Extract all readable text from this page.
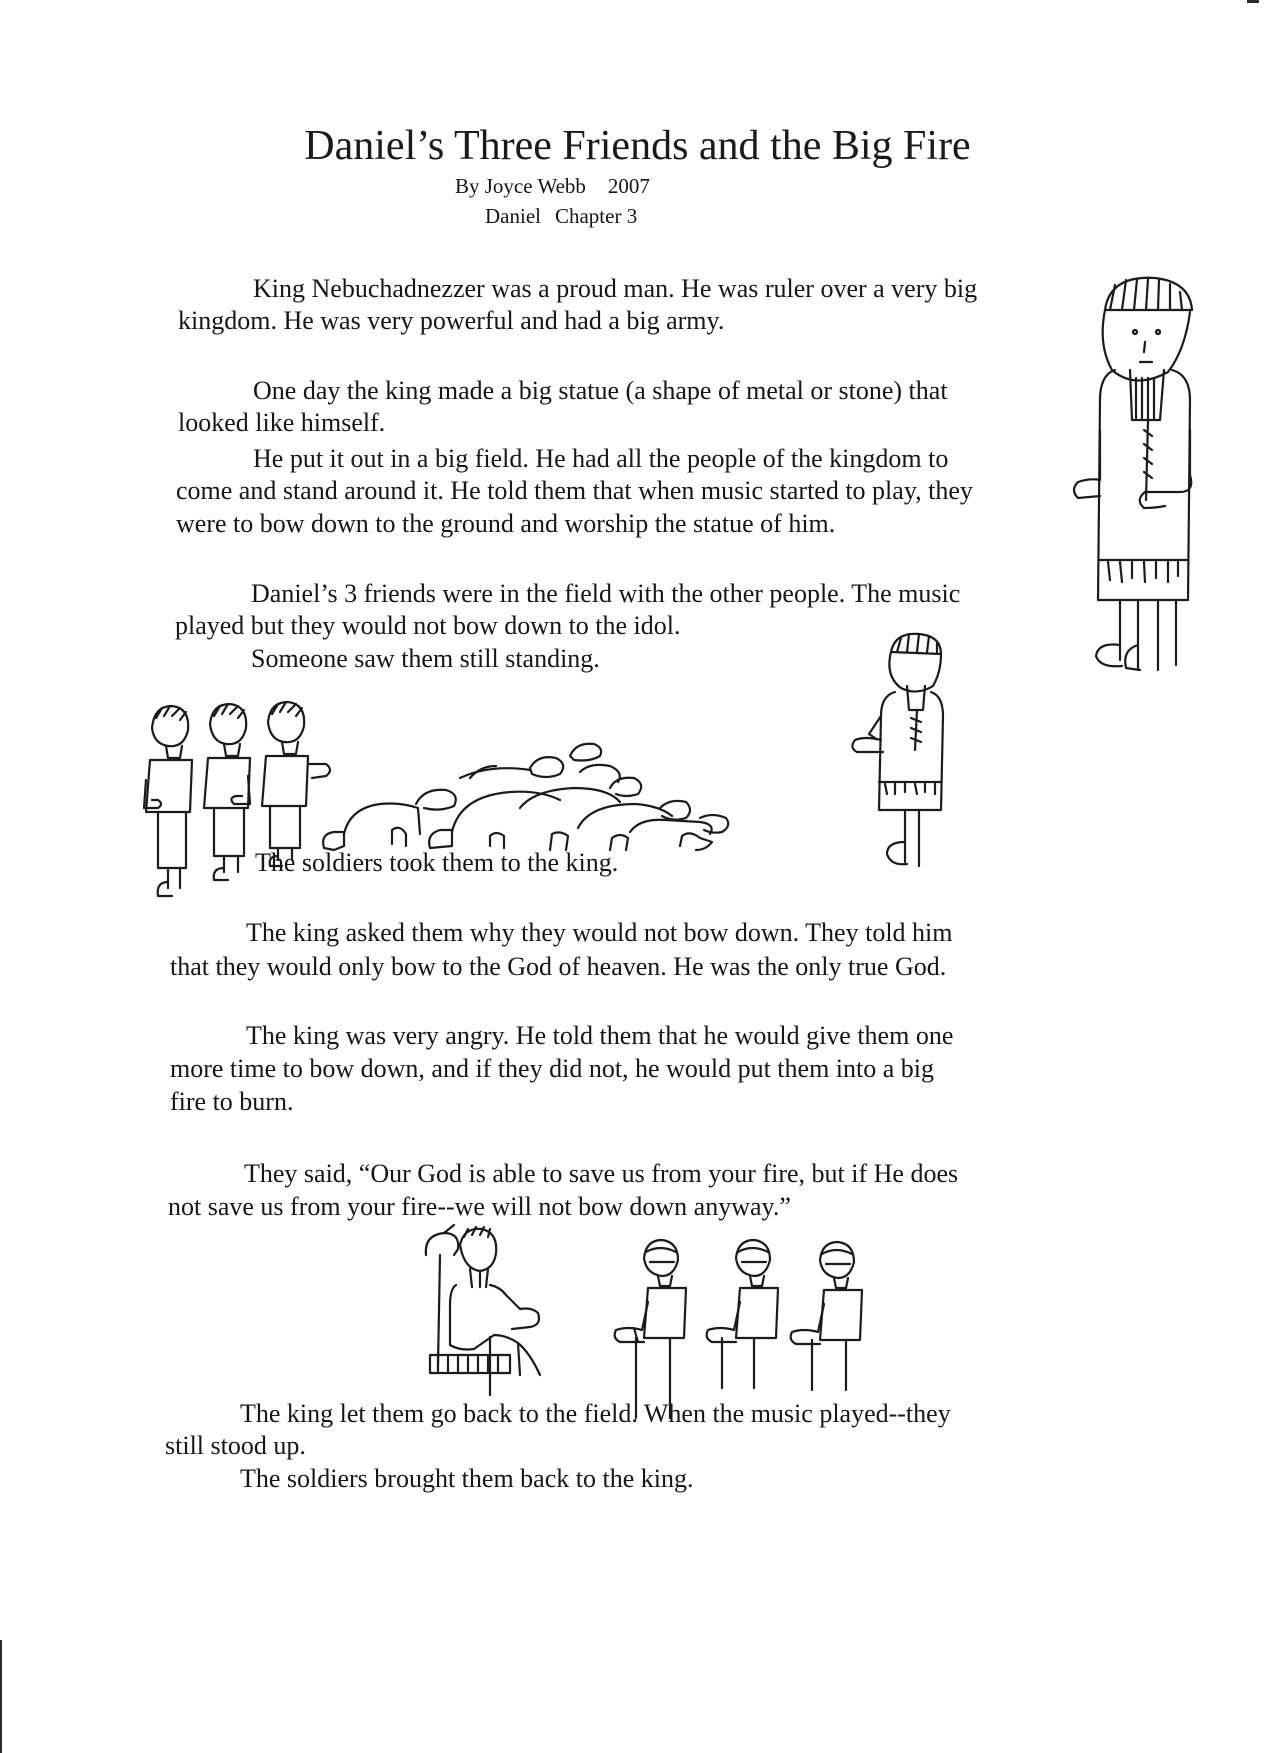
Daniel’s Three Friends and the Big Fire
By Joyce Webb 2007
Daniel Chapter 3
King Nebuchadnezzer was a proud man. He was ruler over a very big
kingdom. He was very powerful and had a big army.
One day the king made a big statue (a shape of metal or stone) that
looked like himself.
He put it out in a big field. He had all the people of the kingdom to
come and stand around it. He told them that when music started to play, they
were to bow down to the ground and worship the statue of him.
Daniel’s 3 friends were in the field with the other people. The music
played but they would not bow down to the idol.
Someone saw them still standing.
The soldiers took them to the king.
The king asked them why they would not bow down. They told him
that they would only bow to the God of heaven. He was the only true God.
The king was very angry. He told them that he would give them one
more time to bow down, and if they did not, he would put them into a big
fire to burn.
They said, “Our God is able to save us from your fire, but if He does
not save us from your fire--we will not bow down anyway.”
The king let them go back to the field. When the music played--they
still stood up.
The soldiers brought them back to the king.
